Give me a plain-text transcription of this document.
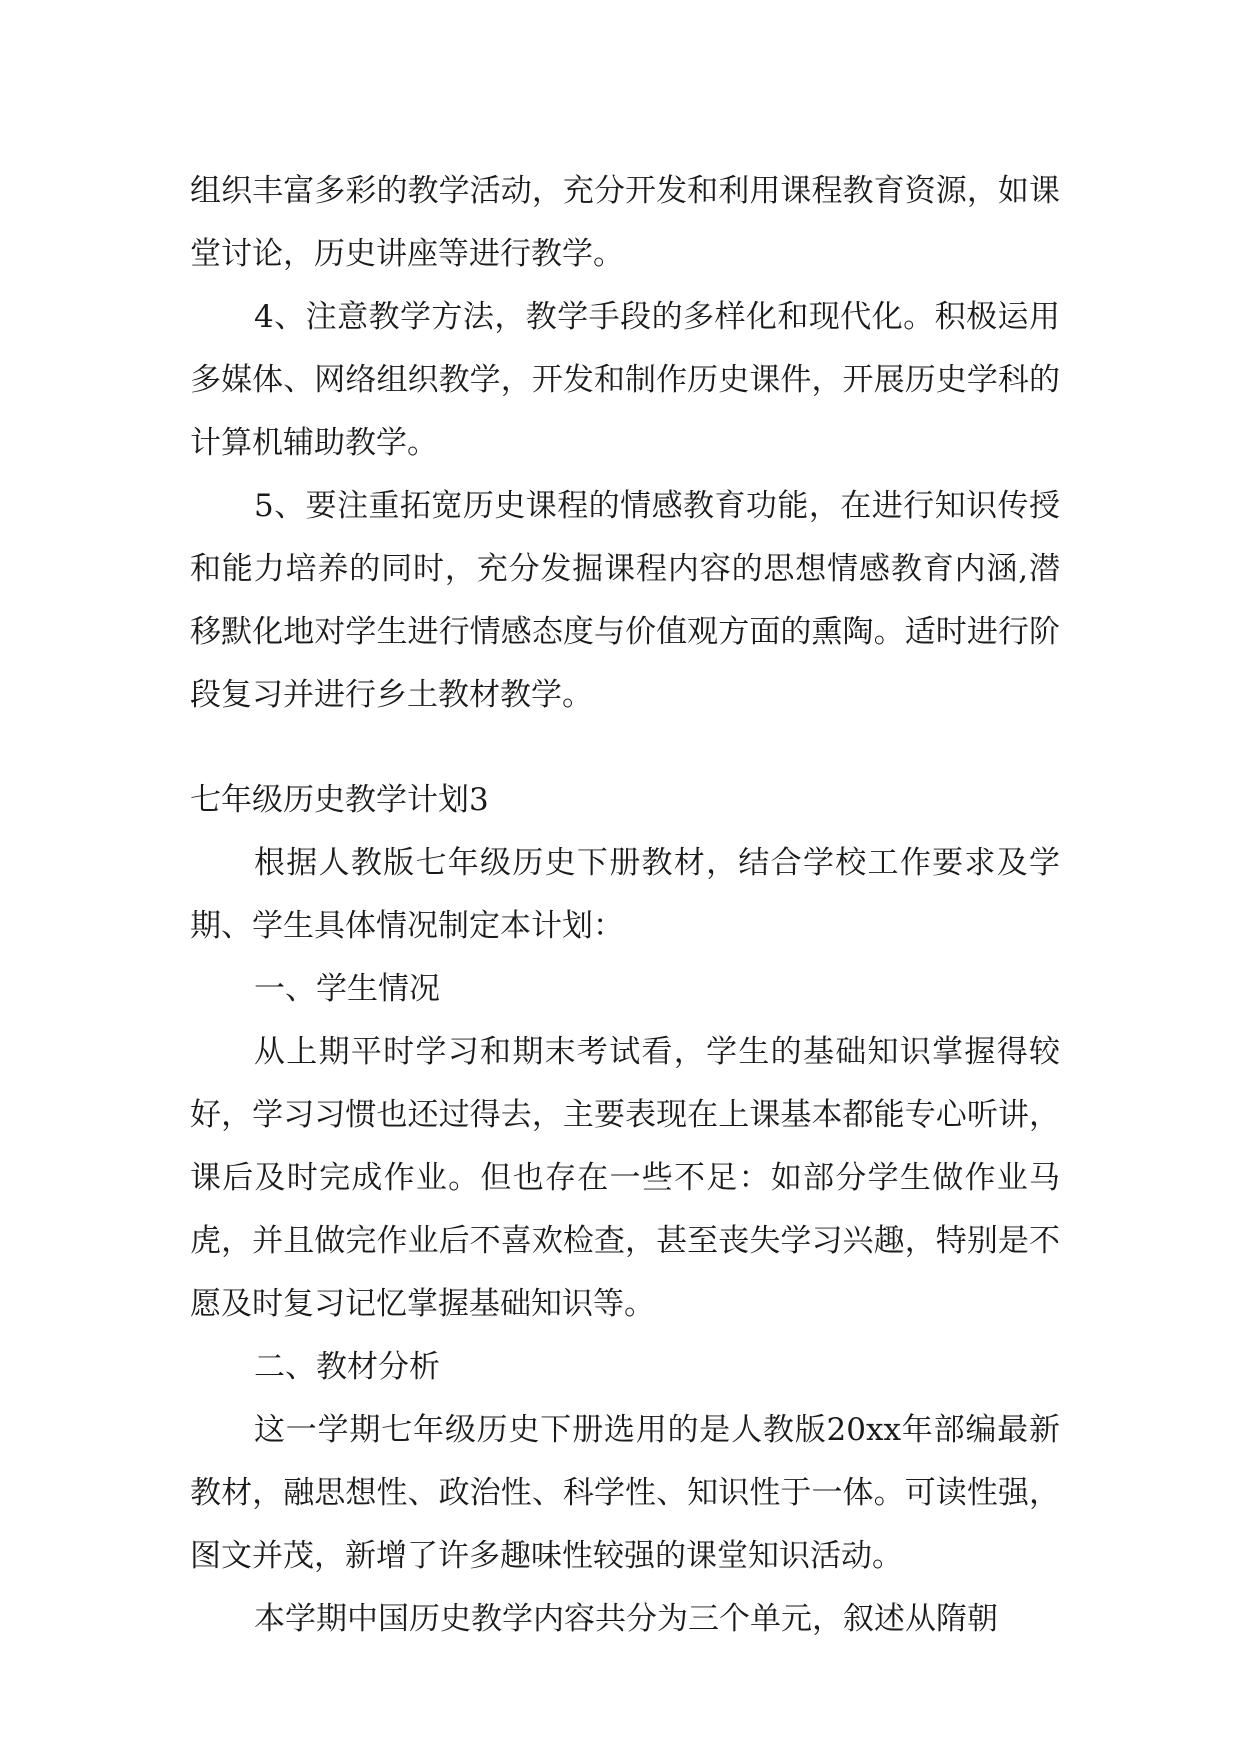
组织丰富多彩的教学活动，充分开发和利用课程教育资源，如课堂讨论，历史讲座等进行教学。

4、注意教学方法，教学手段的多样化和现代化。积极运用多媒体、网络组织教学，开发和制作历史课件，开展历史学科的计算机辅助教学。

5、要注重拓宽历史课程的情感教育功能，在进行知识传授和能力培养的同时，充分发掘课程内容的思想情感教育内涵,潜移默化地对学生进行情感态度与价值观方面的熏陶。适时进行阶段复习并进行乡土教材教学。

七年级历史教学计划3

根据人教版七年级历史下册教材，结合学校工作要求及学期、学生具体情况制定本计划：

一、学生情况

从上期平时学习和期末考试看，学生的基础知识掌握得较好，学习习惯也还过得去，主要表现在上课基本都能专心听讲，课后及时完成作业。但也存在一些不足：如部分学生做作业马虎，并且做完作业后不喜欢检查，甚至丧失学习兴趣，特别是不愿及时复习记忆掌握基础知识等。

二、教材分析

这一学期七年级历史下册选用的是人教版20xx年部编最新教材，融思想性、政治性、科学性、知识性于一体。可读性强，图文并茂，新增了许多趣味性较强的课堂知识活动。

本学期中国历史教学内容共分为三个单元，叙述从隋朝
